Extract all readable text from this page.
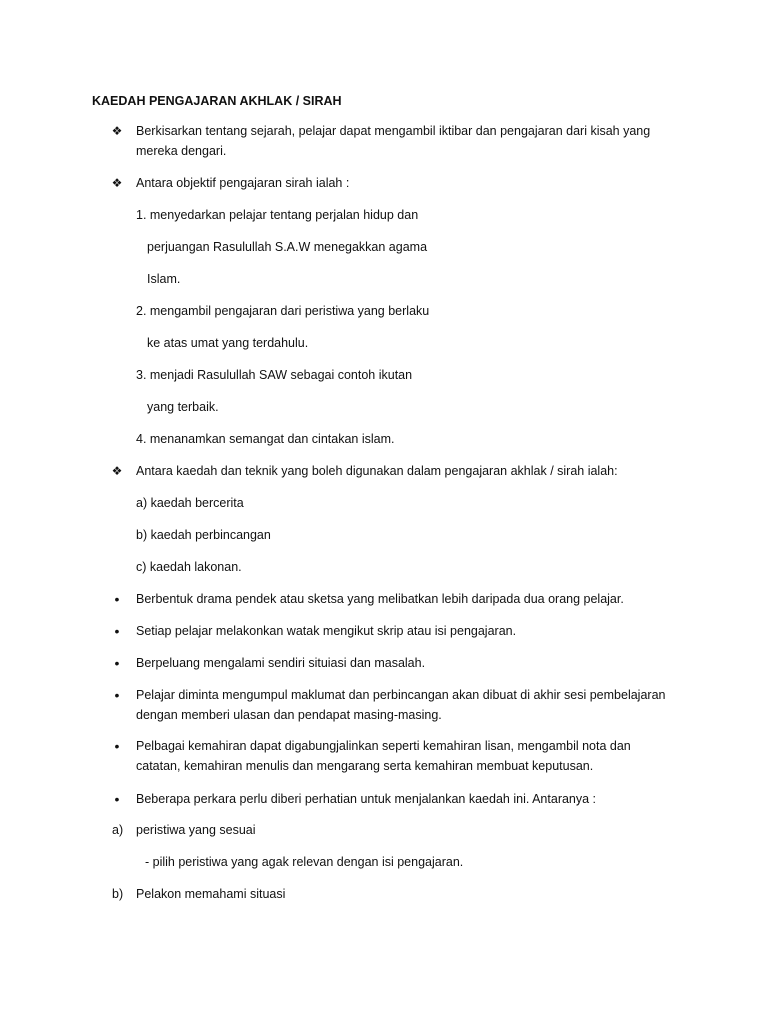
KAEDAH PENGAJARAN AKHLAK / SIRAH
❖ Berkisarkan tentang sejarah, pelajar dapat mengambil iktibar dan pengajaran dari kisah yang
mereka dengari.
❖ Antara objektif pengajaran sirah ialah :
1. menyedarkan pelajar tentang perjalan hidup dan
perjuangan Rasulullah S.A.W menegakkan agama
Islam.
2. mengambil pengajaran dari peristiwa yang berlaku
ke atas umat yang terdahulu.
3. menjadi Rasulullah SAW sebagai contoh ikutan
yang terbaik.
4. menanamkan semangat dan cintakan islam.
❖ Antara kaedah dan teknik yang boleh digunakan dalam pengajaran akhlak / sirah ialah:
a) kaedah bercerita
b) kaedah perbincangan
c) kaedah lakonan.
• Berbentuk drama pendek atau sketsa yang melibatkan lebih daripada dua orang pelajar.
• Setiap pelajar melakonkan watak mengikut skrip atau isi pengajaran.
• Berpeluang mengalami sendiri situiasi dan masalah.
• Pelajar diminta mengumpul maklumat dan perbincangan akan dibuat di akhir sesi pembelajaran
dengan memberi ulasan dan pendapat masing-masing.
• Pelbagai kemahiran dapat digabungjalinkan seperti kemahiran lisan, mengambil nota dan
catatan, kemahiran menulis dan mengarang serta kemahiran membuat keputusan.
• Beberapa perkara perlu diberi perhatian untuk menjalankan kaedah ini. Antaranya :
a) peristiwa yang sesuai
- pilih peristiwa yang agak relevan dengan isi pengajaran.
b) Pelakon memahami situasi
